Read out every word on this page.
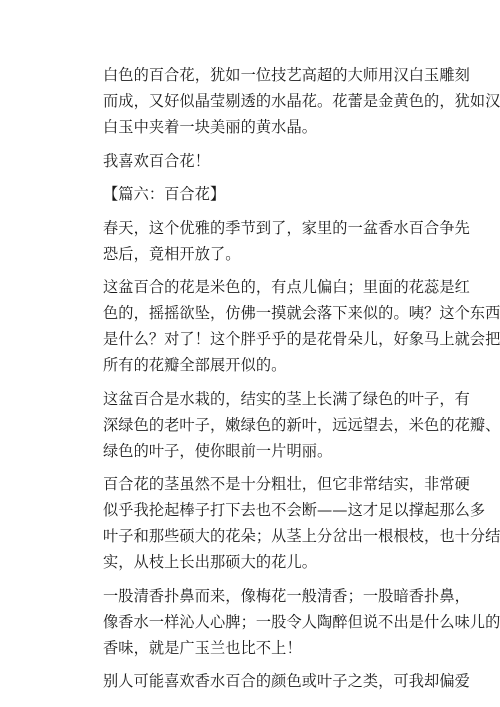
白色的百合花，犹如一位技艺高超的大师用汉白玉雕刻
而成，又好似晶莹剔透的水晶花。花蕾是金黄色的，犹如汉
白玉中夹着一块美丽的黄水晶。
我喜欢百合花！
【篇六：百合花】
春天，这个优雅的季节到了，家里的一盆香水百合争先
恐后，竟相开放了。
这盆百合的花是米色的，有点儿偏白；里面的花蕊是红
色的，摇摇欲坠，仿佛一摸就会落下来似的。咦？这个东西
是什么？对了！这个胖乎乎的是花骨朵儿，好象马上就会把
所有的花瓣全部展开似的。
这盆百合是水栽的，结实的茎上长满了绿色的叶子，有
深绿色的老叶子，嫩绿色的新叶，远远望去，米色的花瓣、
绿色的叶子，使你眼前一片明丽。
百合花的茎虽然不是十分粗壮，但它非常结实，非常硬
似乎我抡起棒子打下去也不会断——这才足以撑起那么多
叶子和那些硕大的花朵；从茎上分岔出一根根枝，也十分结
实，从枝上长出那硕大的花儿。
一股清香扑鼻而来，像梅花一般清香；一股暗香扑鼻，
像香水一样沁人心脾；一股令人陶醉但说不出是什么味儿的
香味，就是广玉兰也比不上！
别人可能喜欢香水百合的颜色或叶子之类，可我却偏爱
